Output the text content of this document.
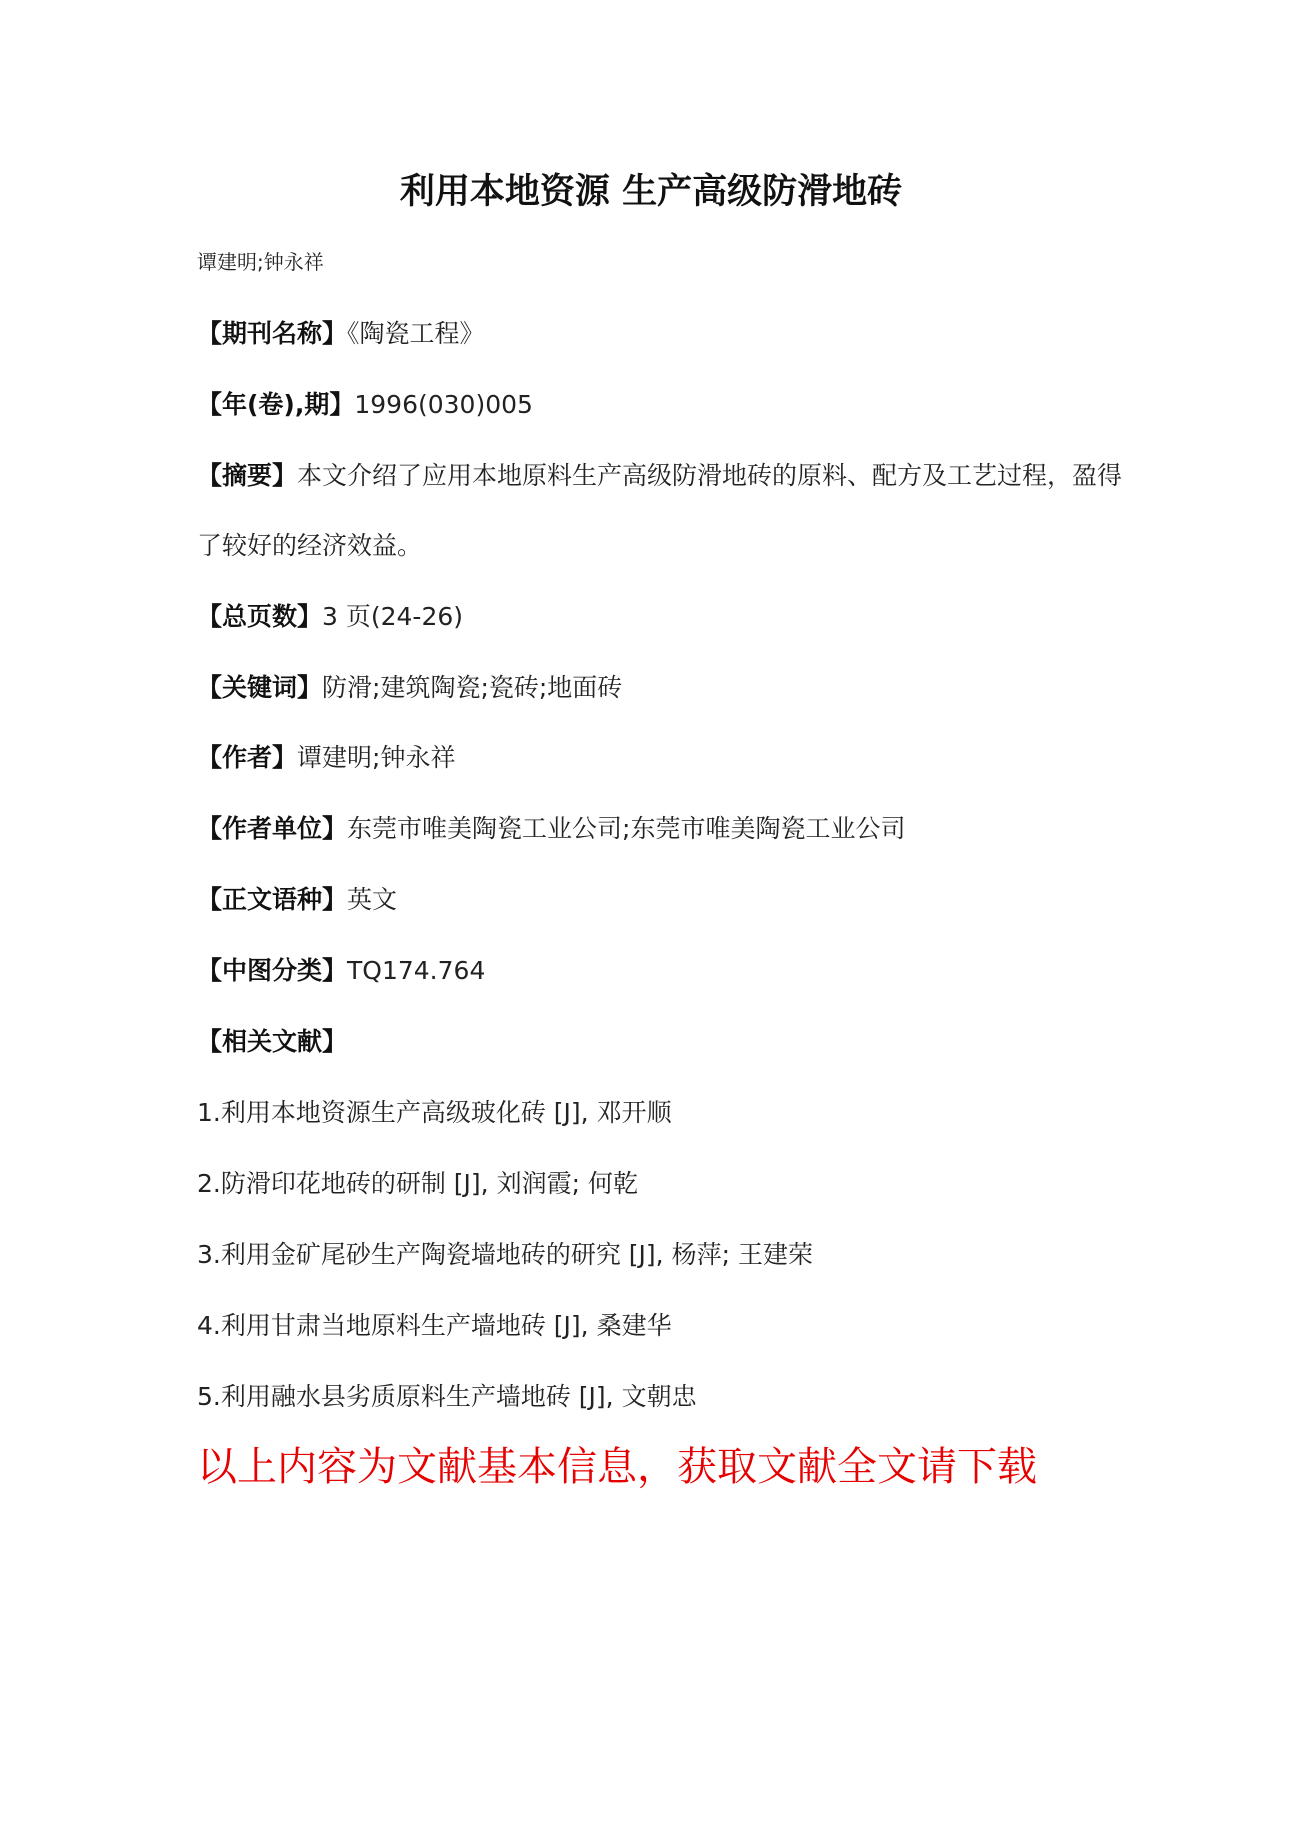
利用本地资源 生产高级防滑地砖
谭建明;钟永祥
【期刊名称】《陶瓷工程》
【年(卷),期】1996(030)005
【摘要】本文介绍了应用本地原料生产高级防滑地砖的原料、配方及工艺过程，盈得了较好的经济效益。
【总页数】3 页(24-26)
【关键词】防滑;建筑陶瓷;瓷砖;地面砖
【作者】谭建明;钟永祥
【作者单位】东莞市唯美陶瓷工业公司;东莞市唯美陶瓷工业公司
【正文语种】英文
【中图分类】TQ174.764
【相关文献】
1.利用本地资源生产高级玻化砖 [J], 邓开顺
2.防滑印花地砖的研制 [J], 刘润霞; 何乾
3.利用金矿尾砂生产陶瓷墙地砖的研究 [J], 杨萍; 王建荣
4.利用甘肃当地原料生产墙地砖 [J], 桑建华
5.利用融水县劣质原料生产墙地砖 [J], 文朝忠
以上内容为文献基本信息，获取文献全文请下载
